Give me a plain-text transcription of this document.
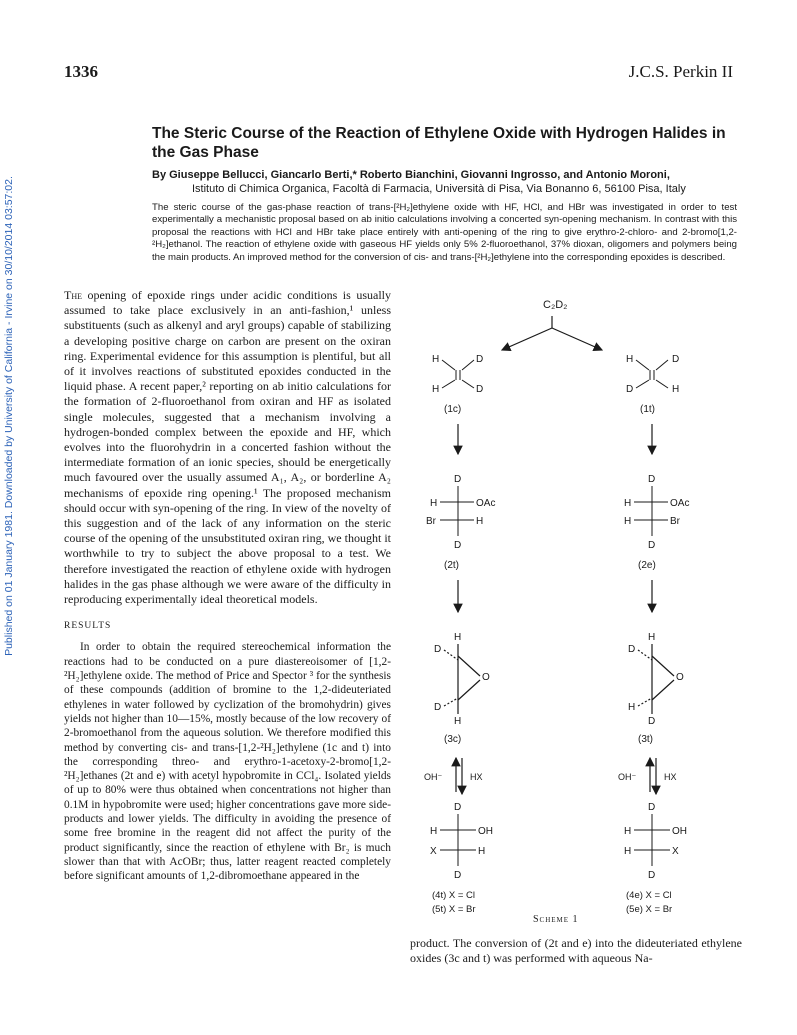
Published on 01 January 1981. Downloaded by University of California - Irvine on 30/10/2014 03:57:02.
1336	J.C.S. Perkin II
The Steric Course of the Reaction of Ethylene Oxide with Hydrogen Halides in the Gas Phase
By Giuseppe Bellucci, Giancarlo Berti,* Roberto Bianchini, Giovanni Ingrosso, and Antonio Moroni,
Istituto di Chimica Organica, Facoltà di Farmacia, Università di Pisa, Via Bonanno 6, 56100 Pisa, Italy

The steric course of the gas-phase reaction of trans-[²H₂]ethylene oxide with HF, HCl, and HBr was investigated in order to test experimentally a mechanistic proposal based on ab initio calculations involving a concerted syn-opening mechanism. In contrast with this proposal the reactions with HCl and HBr take place entirely with anti-opening of the ring to give erythro-2-chloro- and 2-bromo[1,2-²H₂]ethanol. The reaction of ethylene oxide with gaseous HF yields only 5% 2-fluoroethanol, 37% dioxan, oligomers and polymers being the main products. An improved method for the conversion of cis- and trans-[²H₂]ethylene into the corresponding epoxides is described.

The opening of epoxide rings under acidic conditions is usually assumed to take place exclusively in an anti-fashion,¹ unless substituents (such as alkenyl and aryl groups) capable of stabilizing a developing positive charge on carbon are present on the oxiran ring. Experimental evidence for this assumption is plentiful, but all of it involves reactions of substituted epoxides conducted in the liquid phase. A recent paper,² reporting on ab initio calculations for the formation of 2-fluoroethanol from oxiran and HF as isolated single molecules, suggested that a mechanism involving a hydrogen-bonded complex between the epoxide and HF, which evolves into the fluorohydrin in a concerted fashion without the intermediate formation of an ionic species, should be energetically much favoured over the usually assumed A₁, A₂, or borderline A₂ mechanisms of epoxide ring opening.¹ The proposed mechanism should occur with syn-opening of the ring. In view of the novelty of this suggestion and of the lack of any information on the steric course of the opening of the unsubstituted oxiran ring, we thought it worthwhile to try to subject the above proposal to a test. We therefore investigated the reaction of ethylene oxide with hydrogen halides in the gas phase although we were aware of the difficulty in reproducing experimentally ideal theoretical models.

RESULTS

In order to obtain the required stereochemical information the reactions had to be conducted on a pure diastereoisomer of [1,2-²H₂]ethylene oxide. The method of Price and Spector ³ for the synthesis of these compounds (addition of bromine to the 1,2-dideuteriated ethylenes in water followed by cyclization of the bromohydrin) gives yields not higher than 10—15%, mostly because of the low recovery of 2-bromoethanol from the aqueous solution. We therefore modified this method by converting cis- and trans-[1,2-²H₂]ethylene (1c and t) into the corresponding threo- and erythro-1-acetoxy-2-bromo[1,2-²H₂]ethanes (2t and e) with acetyl hypobromite in CCl₄. Isolated yields of up to 80% were thus obtained when concentrations not higher than 0.1M in hypobromite were used; higher concentrations gave more side-products and lower yields. The difficulty in avoiding the presence of some free bromine in the reagent did not affect the purity of the product significantly, since the reaction of ethylene with Br₂ is much slower than that with AcOBr; thus, latter reagent reacted completely before significant amounts of 1,2-dibromoethane appeared in the

C₂D₂
H	D
H	D
(1c)
H	D
D	H
(1t)
D
H	OAc
Br	H
D
(2t)
D
H	OAc
H	Br
D
(2e)
H
D
O
D
H
(3c)
H
D
O
H
D
(3t)
OH⁻	HX	OH⁻	HX
D
H	OH
X	H
D
(4t) X = Cl
(5t) X = Br
D
H	OH
H	X
D
(4e) X = Cl
(5e) X = Br
Scheme 1

product. The conversion of (2t and e) into the dideuteriated ethylene oxides (3c and t) was performed with aqueous Na-
